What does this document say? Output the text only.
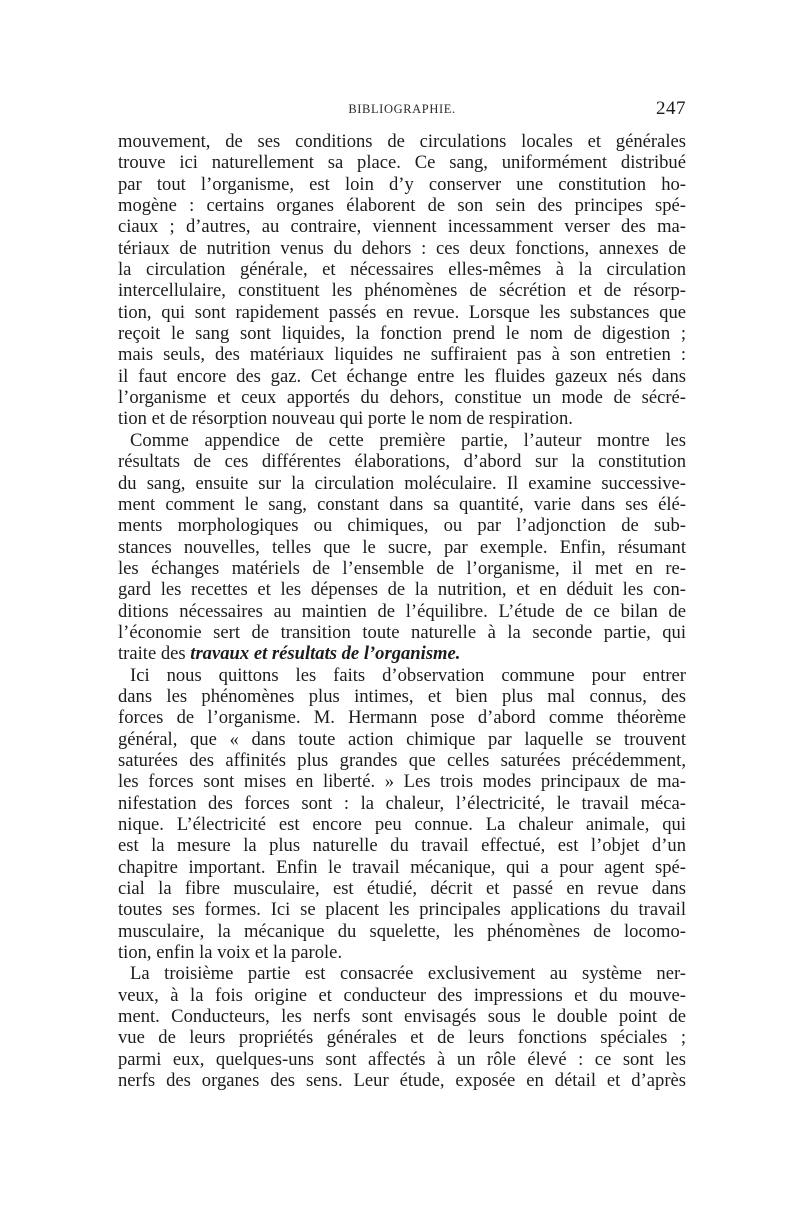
BIBLIOGRAPHIE.	247
mouvement, de ses conditions de circulations locales et générales
trouve ici naturellement sa place. Ce sang, uniformément distribué
par tout l’organisme, est loin d’y conserver une constitution ho-
mogène : certains organes élaborent de son sein des principes spé-
ciaux ; d’autres, au contraire, viennent incessamment verser des ma-
tériaux de nutrition venus du dehors : ces deux fonctions, annexes de
la circulation générale, et nécessaires elles-mêmes à la circulation
intercellulaire, constituent les phénomènes de sécrétion et de résorp-
tion, qui sont rapidement passés en revue. Lorsque les substances que
reçoit le sang sont liquides, la fonction prend le nom de digestion ;
mais seuls, des matériaux liquides ne suffiraient pas à son entretien :
il faut encore des gaz. Cet échange entre les fluides gazeux nés dans
l’organisme et ceux apportés du dehors, constitue un mode de sécré-
tion et de résorption nouveau qui porte le nom de respiration.
Comme appendice de cette première partie, l’auteur montre les
résultats de ces différentes élaborations, d’abord sur la constitution
du sang, ensuite sur la circulation moléculaire. Il examine successive-
ment comment le sang, constant dans sa quantité, varie dans ses élé-
ments morphologiques ou chimiques, ou par l’adjonction de sub-
stances nouvelles, telles que le sucre, par exemple. Enfin, résumant
les échanges matériels de l’ensemble de l’organisme, il met en re-
gard les recettes et les dépenses de la nutrition, et en déduit les con-
ditions nécessaires au maintien de l’équilibre. L’étude de ce bilan de
l’économie sert de transition toute naturelle à la seconde partie, qui
traite des travaux et résultats de l’organisme.
Ici nous quittons les faits d’observation commune pour entrer
dans les phénomènes plus intimes, et bien plus mal connus, des
forces de l’organisme. M. Hermann pose d’abord comme théorème
général, que « dans toute action chimique par laquelle se trouvent
saturées des affinités plus grandes que celles saturées précédemment,
les forces sont mises en liberté. » Les trois modes principaux de ma-
nifestation des forces sont : la chaleur, l’électricité, le travail méca-
nique. L’électricité est encore peu connue. La chaleur animale, qui
est la mesure la plus naturelle du travail effectué, est l’objet d’un
chapitre important. Enfin le travail mécanique, qui a pour agent spé-
cial la fibre musculaire, est étudié, décrit et passé en revue dans
toutes ses formes. Ici se placent les principales applications du travail
musculaire, la mécanique du squelette, les phénomènes de locomo-
tion, enfin la voix et la parole.
La troisième partie est consacrée exclusivement au système ner-
veux, à la fois origine et conducteur des impressions et du mouve-
ment. Conducteurs, les nerfs sont envisagés sous le double point de
vue de leurs propriétés générales et de leurs fonctions spéciales ;
parmi eux, quelques-uns sont affectés à un rôle élevé : ce sont les
nerfs des organes des sens. Leur étude, exposée en détail et d’après
